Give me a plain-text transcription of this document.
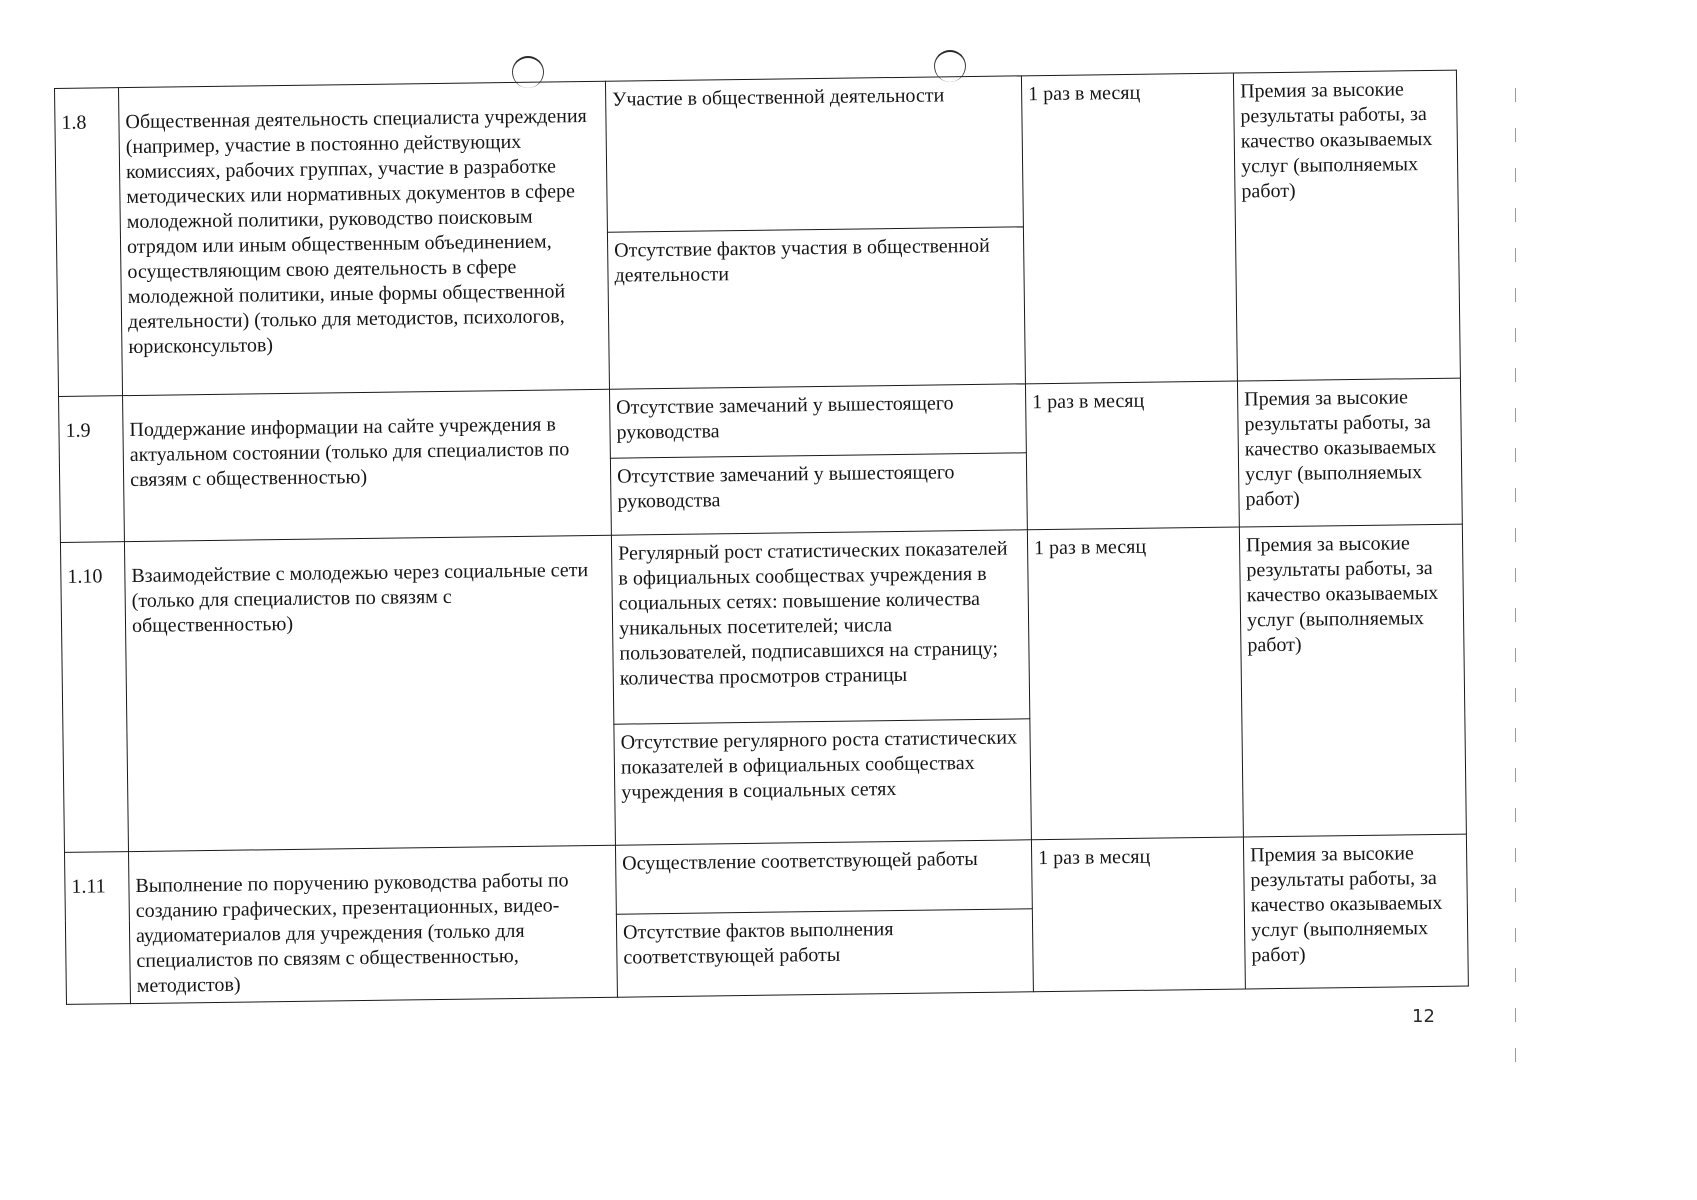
1.8	Общественная деятельность специалиста учреждения (например, участие в постоянно действующих комиссиях, рабочих группах, участие в разработке методических или нормативных документов в сфере молодежной политики, руководство поисковым отрядом или иным общественным объединением, осуществляющим свою деятельность в сфере молодежной политики, иные формы общественной деятельности) (только для методистов, психологов, юрисконсультов)	Участие в общественной деятельности	1 раз в месяц	Премия за высокие результаты работы, за качество оказываемых услуг (выполняемых работ)
		Отсутствие фактов участия в общественной деятельности		

1.9	Поддержание информации на сайте учреждения в актуальном состоянии (только для специалистов по связям с общественностью)	Отсутствие замечаний у вышестоящего руководства	1 раз в месяц	Премия за высокие результаты работы, за качество оказываемых услуг (выполняемых работ)
		Отсутствие замечаний у вышестоящего руководства		

1.10	Взаимодействие с молодежью через социальные сети (только для специалистов по связям с общественностью)	Регулярный рост статистических показателей в официальных сообществах учреждения в социальных сетях: повышение количества уникальных посетителей; числа пользователей, подписавшихся на страницу; количества просмотров страницы	1 раз в месяц	Премия за высокие результаты работы, за качество оказываемых услуг (выполняемых работ)
		Отсутствие регулярного роста статистических показателей в официальных сообществах учреждения в социальных сетях		

1.11	Выполнение по поручению руководства работы по созданию графических, презентационных, видео-аудиоматериалов для учреждения (только для специалистов по связям с общественностью, методистов)	Осуществление соответствующей работы	1 раз в месяц	Премия за высокие результаты работы, за качество оказываемых услуг (выполняемых работ)
		Отсутствие фактов выполнения соответствующей работы		
12
